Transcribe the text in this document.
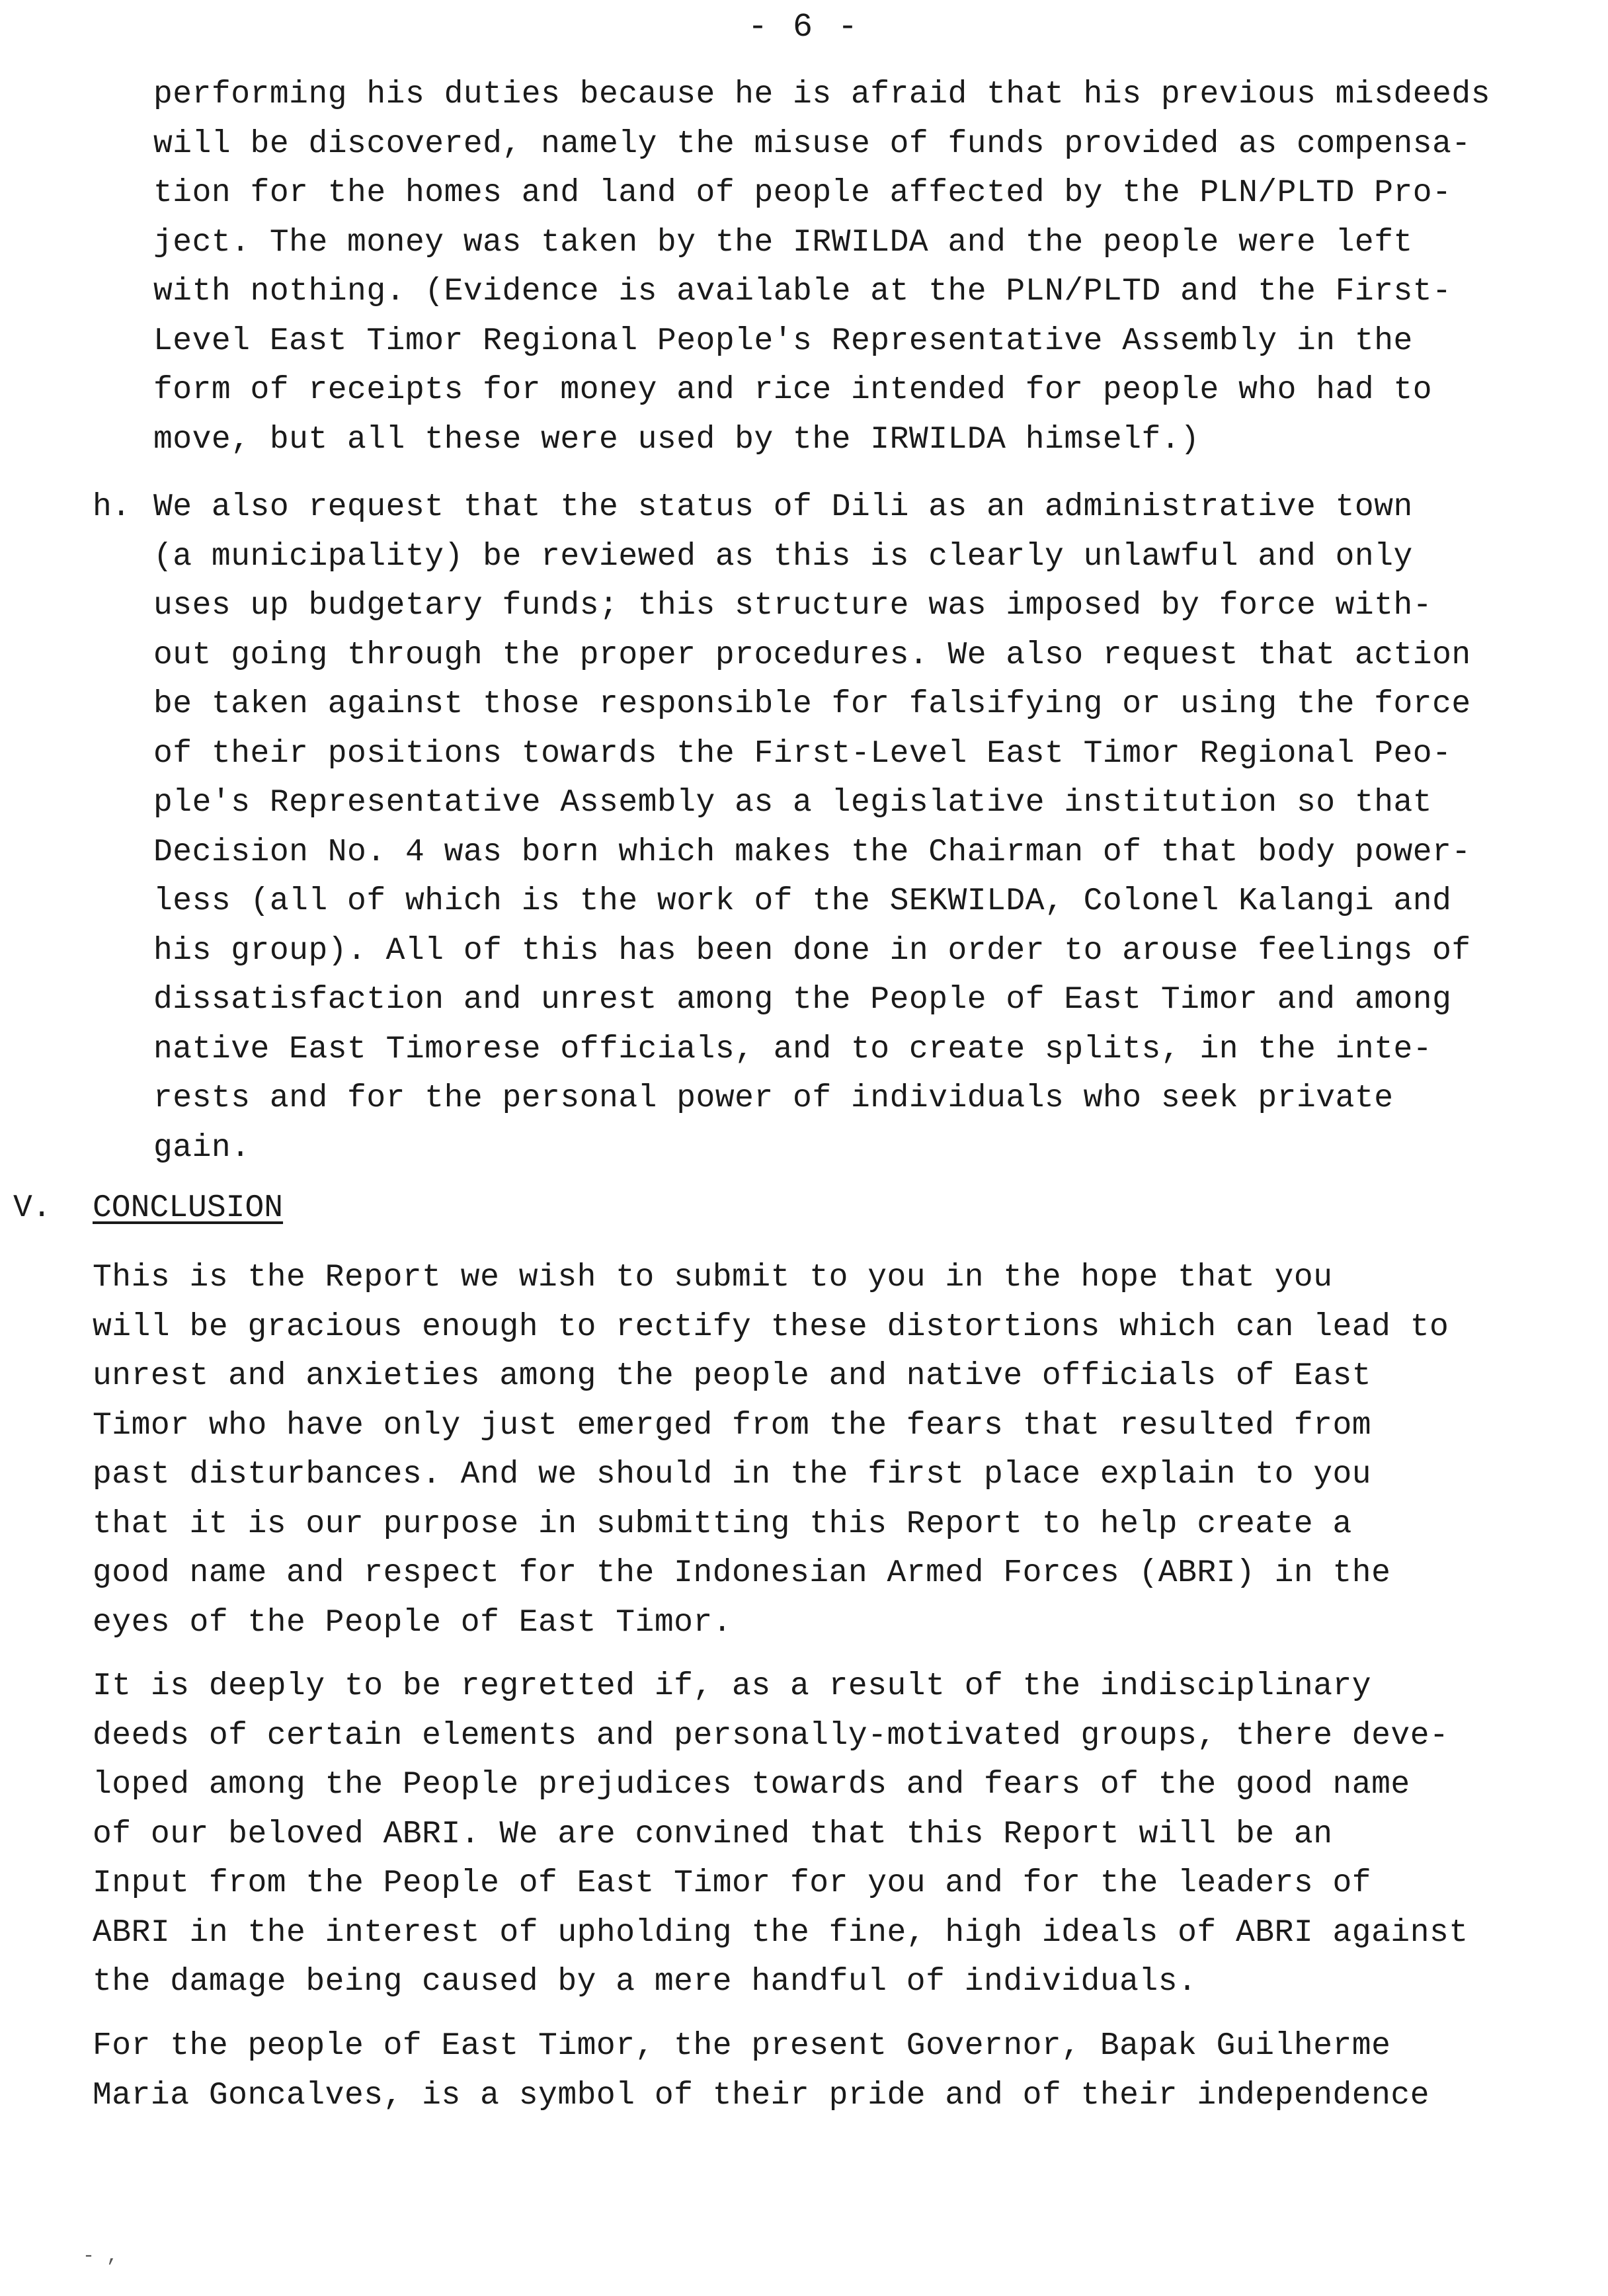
- 6 -
performing his duties because he is afraid that his previous misdeeds
will be discovered, namely the misuse of funds provided as compensa-
tion for the homes and land of people affected by the PLN/PLTD Pro-
ject. The money was taken by the IRWILDA and the people were left
with nothing. (Evidence is available at the PLN/PLTD and the First-
Level East Timor Regional People's Representative Assembly in the
form of receipts for money and rice intended for people who had to
move, but all these were used by the IRWILDA himself.)
h. We also request that the status of Dili as an administrative town
(a municipality) be reviewed as this is clearly unlawful and only
uses up budgetary funds; this structure was imposed by force with-
out going through the proper procedures. We also request that action
be taken against those responsible for falsifying or using the force
of their positions towards the First-Level East Timor Regional Peo-
ple's Representative Assembly as a legislative institution so that
Decision No. 4 was born which makes the Chairman of that body power-
less (all of which is the work of the SEKWILDA, Colonel Kalangi and
his group). All of this has been done in order to arouse feelings of
dissatisfaction and unrest among the People of East Timor and among
native East Timorese officials, and to create splits, in the inte-
rests and for the personal power of individuals who seek private
gain.
V. CONCLUSION
This is the Report we wish to submit to you in the hope that you
will be gracious enough to rectify these distortions which can lead to
unrest and anxieties among the people and native officials of East
Timor who have only just emerged from the fears that resulted from
past disturbances. And we should in the first place explain to you
that it is our purpose in submitting this Report to help create a
good name and respect for the Indonesian Armed Forces (ABRI) in the
eyes of the People of East Timor.
It is deeply to be regretted if, as a result of the indisciplinary
deeds of certain elements and personally-motivated groups, there deve-
loped among the People prejudices towards and fears of the good name
of our beloved ABRI. We are convined that this Report will be an
Input from the People of East Timor for you and for the leaders of
ABRI in the interest of upholding the fine, high ideals of ABRI against
the damage being caused by a mere handful of individuals.
For the people of East Timor, the present Governor, Bapak Guilherme
Maria Goncalves, is a symbol of their pride and of their independence
- ,
